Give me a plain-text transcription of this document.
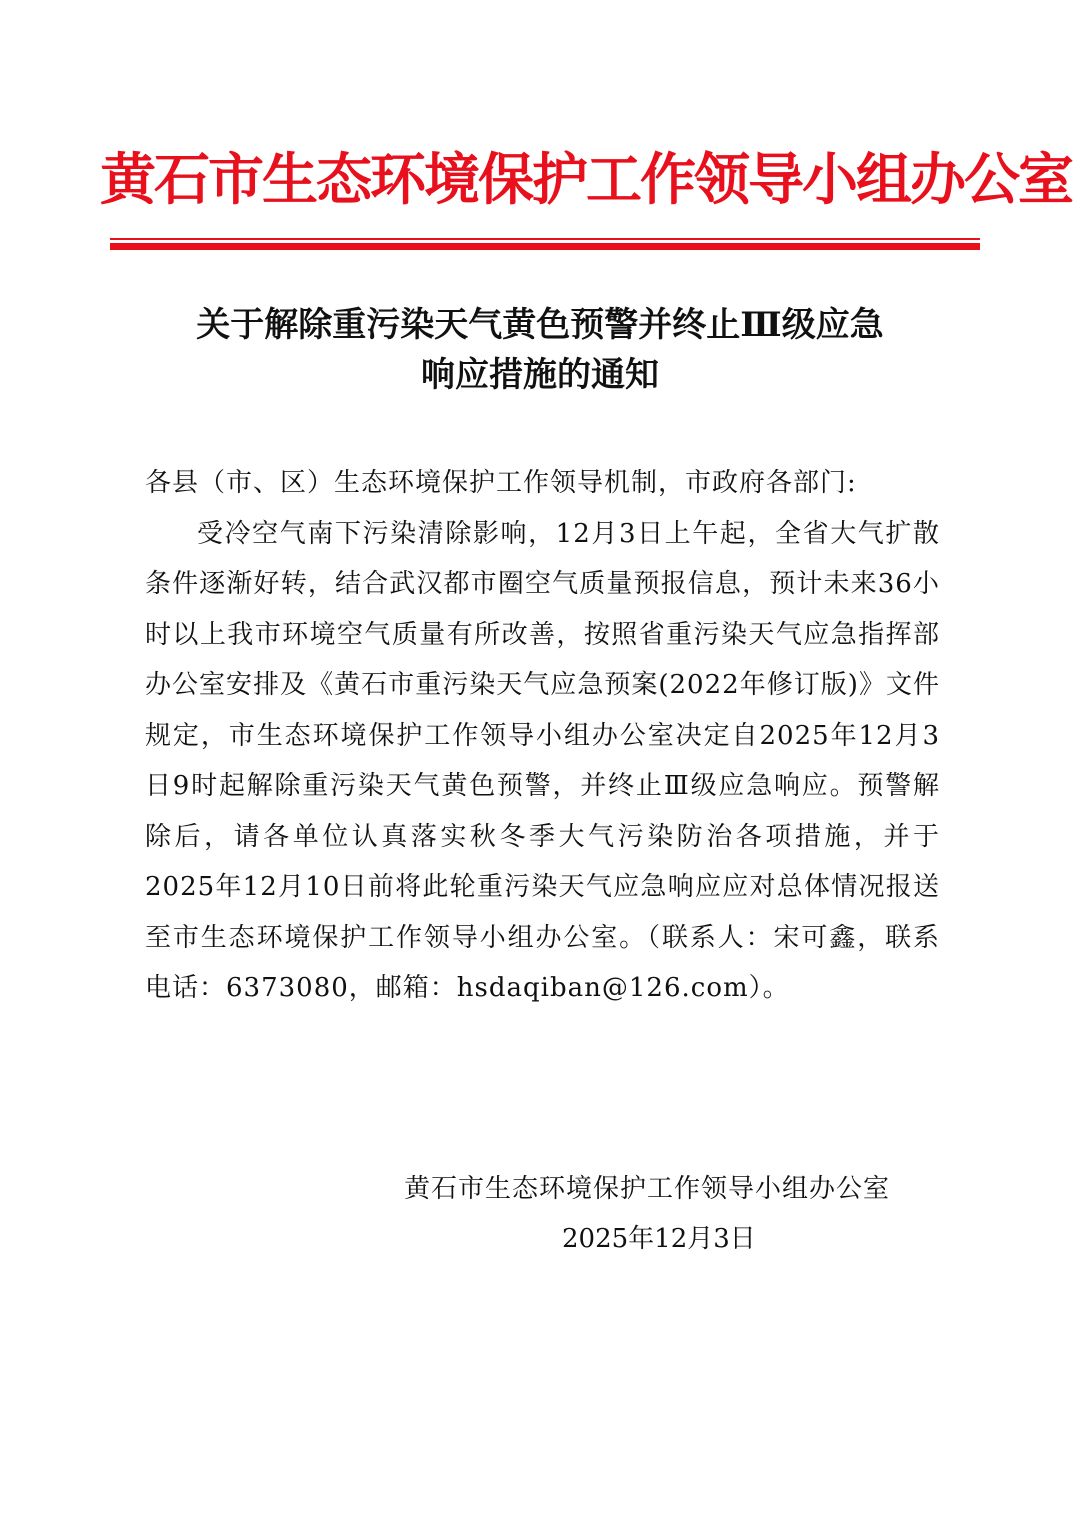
黄石市生态环境保护工作领导小组办公室
关于解除重污染天气黄色预警并终止Ⅲ级应急
响应措施的通知
各县（市、区）生态环境保护工作领导机制，市政府各部门:
受冷空气南下污染清除影响，12月3日上午起，全省大气扩散条件逐渐好转，结合武汉都市圈空气质量预报信息，预计未来36小时以上我市环境空气质量有所改善，按照省重污染天气应急指挥部办公室安排及《黄石市重污染天气应急预案(2022年修订版)》文件规定，市生态环境保护工作领导小组办公室决定自2025年12月3日9时起解除重污染天气黄色预警，并终止Ⅲ级应急响应。预警解除后，请各单位认真落实秋冬季大气污染防治各项措施，并于2025年12月10日前将此轮重污染天气应急响应应对总体情况报送至市生态环境保护工作领导小组办公室。（联系人：宋可鑫，联系电话：6373080，邮箱：hsdaqiban@126.com）。
黄石市生态环境保护工作领导小组办公室
2025年12月3日
